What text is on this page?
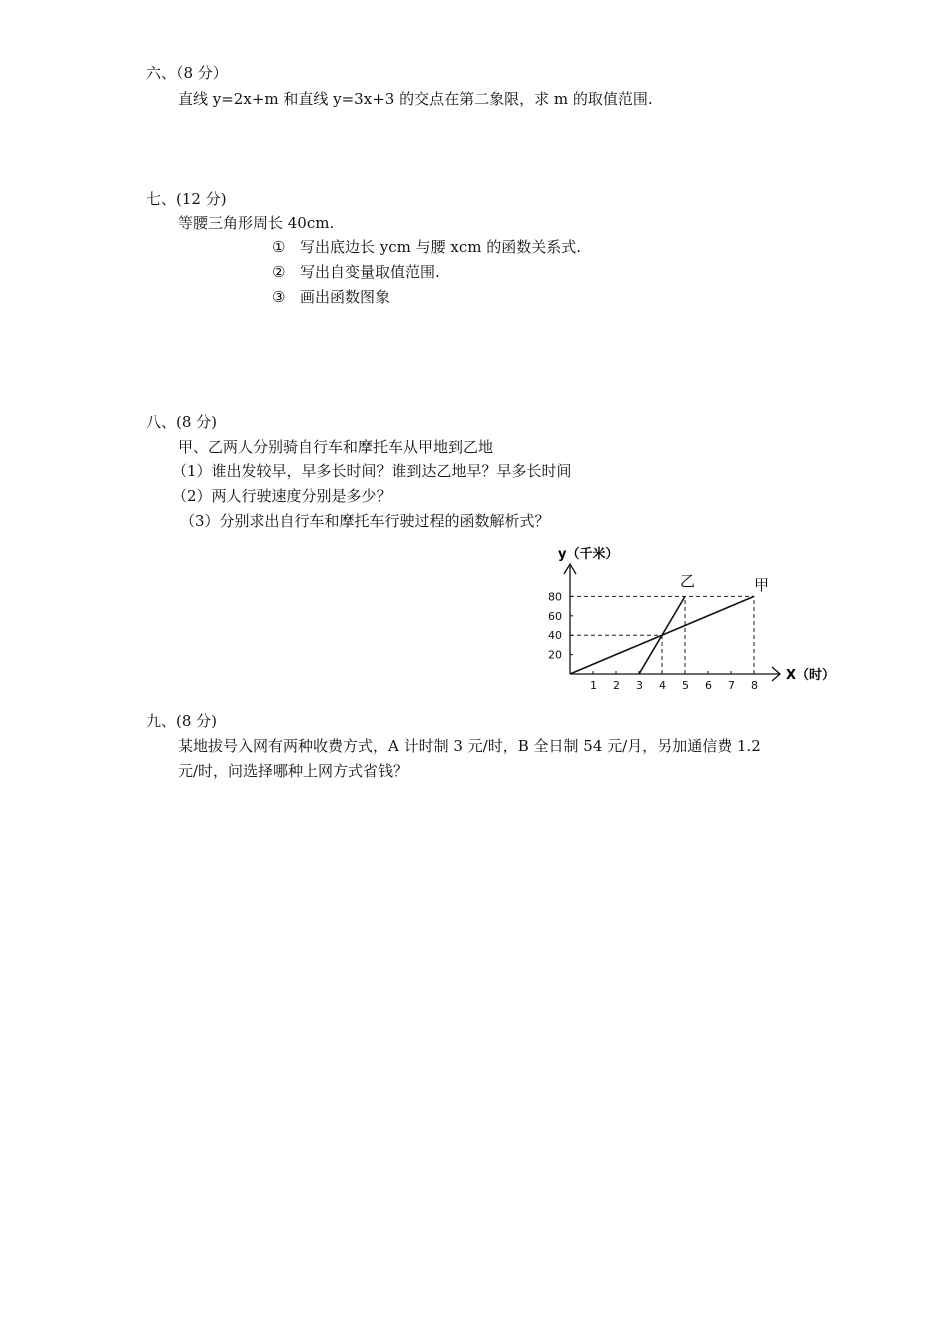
六、（8 分）
直线 y=2x+m 和直线 y=3x+3 的交点在第二象限，求 m 的取值范围.
七、(12 分)
等腰三角形周长 40cm.
① 写出底边长 ycm 与腰 xcm 的函数关系式.
② 写出自变量取值范围.
③ 画出函数图象
八、(8 分)
甲、乙两人分别骑自行车和摩托车从甲地到乙地
（1）谁出发较早，早多长时间？谁到达乙地早？早多长时间
（2）两人行驶速度分别是多少？
（3）分别求出自行车和摩托车行驶过程的函数解析式？
1 2 3 4 5 6 7 8
20
40
60
80
y（千米）
X（时）
乙	甲
九、(8 分)
某地拔号入网有两种收费方式，A 计时制 3 元/时，B 全日制 54 元/月，另加通信费 1.2
元/时，问选择哪种上网方式省钱？
